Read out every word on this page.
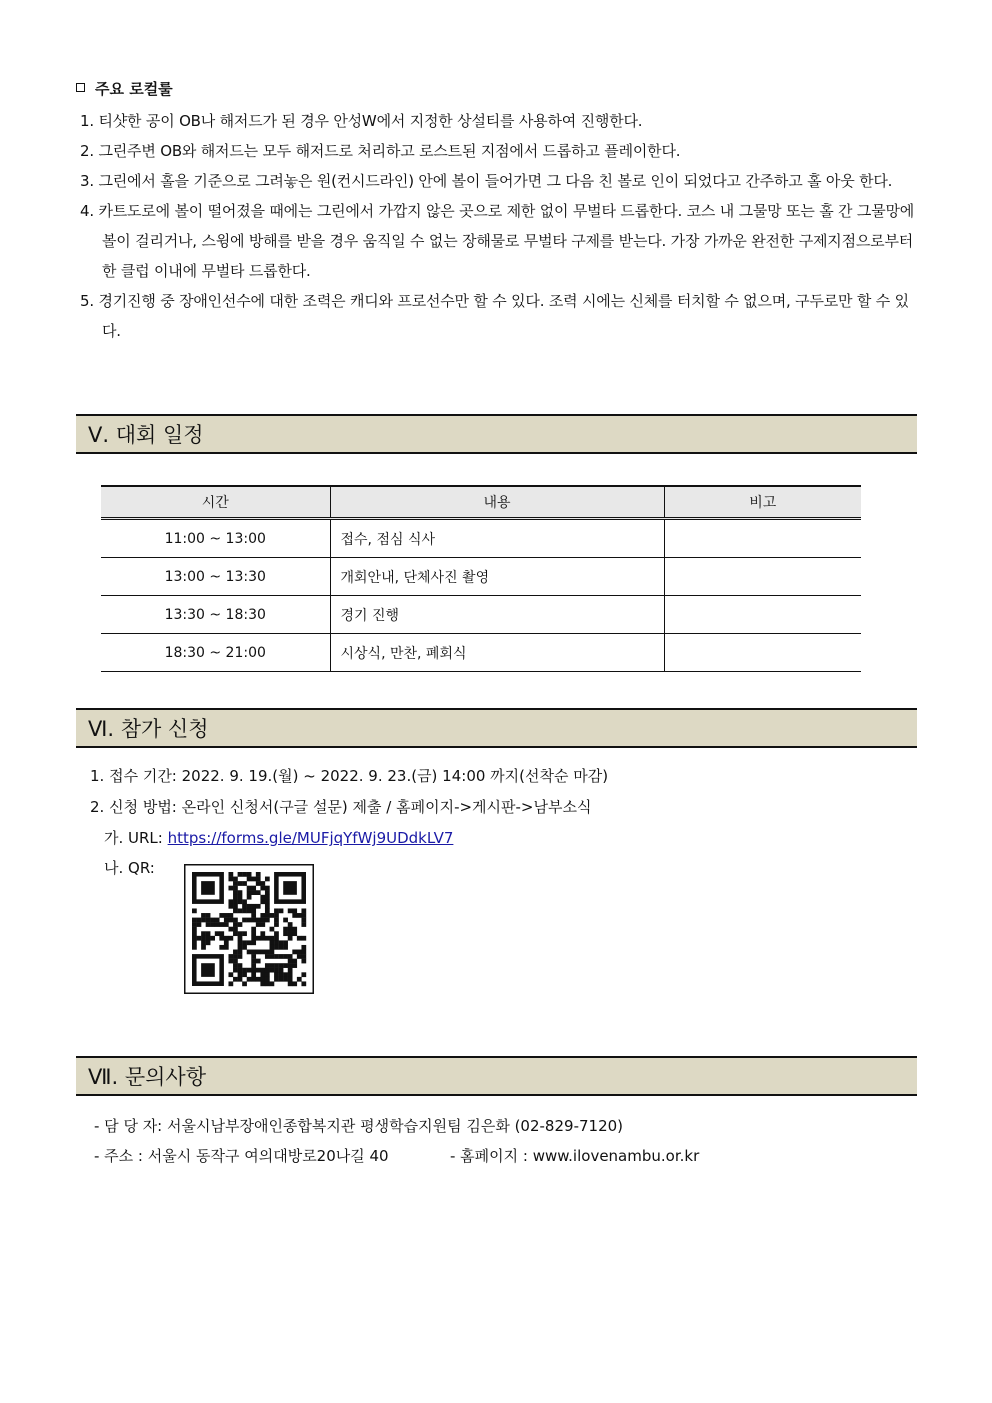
주요 로컬룰
1. 티샷한 공이 OB나 해저드가 된 경우 안성W에서 지정한 상설티를 사용하여 진행한다.
2. 그린주변 OB와 해저드는 모두 해저드로 처리하고 로스트된 지점에서 드롭하고 플레이한다.
3. 그린에서 홀을 기준으로 그려놓은 원(컨시드라인) 안에 볼이 들어가면 그 다음 친 볼로 인이 되었다고 간주하고 홀 아웃 한다.
4. 카트도로에 볼이 떨어졌을 때에는 그린에서 가깝지 않은 곳으로 제한 없이 무벌타 드롭한다. 코스 내 그물망 또는 홀 간 그물망에 볼이 걸리거나, 스윙에 방해를 받을 경우 움직일 수 없는 장해물로 무벌타 구제를 받는다. 가장 가까운 완전한 구제지점으로부터 한 클럽 이내에 무벌타 드롭한다.
5. 경기진행 중 장애인선수에 대한 조력은 캐디와 프로선수만 할 수 있다. 조력 시에는 신체를 터치할 수 없으며, 구두로만 할 수 있다.
Ⅴ. 대회 일정
시간	내용	비고
11:00 ~ 13:00	접수, 점심 식사	
13:00 ~ 13:30	개회안내, 단체사진 촬영	
13:30 ~ 18:30	경기 진행	
18:30 ~ 21:00	시상식, 만찬, 폐회식	
Ⅵ. 참가 신청
1. 접수 기간: 2022. 9. 19.(월) ~ 2022. 9. 23.(금) 14:00 까지(선착순 마감)
2. 신청 방법: 온라인 신청서(구글 설문) 제출 / 홈페이지->게시판->남부소식
가. URL: https://forms.gle/MUFjqYfWj9UDdkLV7
나. QR:
Ⅶ. 문의사항
- 담 당 자: 서울시남부장애인종합복지관 평생학습지원팀 김은화 (02-829-7120)
- 주소 : 서울시 동작구 여의대방로20나길 40	- 홈페이지 : www.ilovenambu.or.kr
